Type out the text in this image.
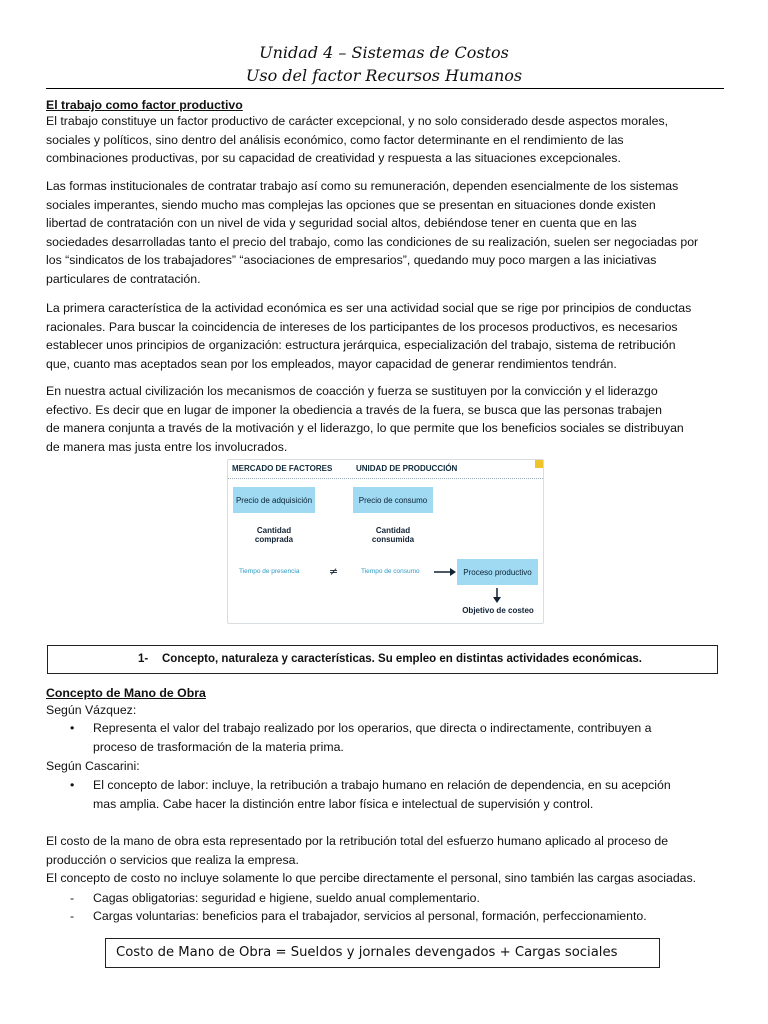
Unidad 4 – Sistemas de Costos
Uso del factor Recursos Humanos
El trabajo como factor productivo
El trabajo constituye un factor productivo de carácter excepcional, y no solo considerado desde aspectos morales,
sociales y políticos, sino dentro del análisis económico, como factor determinante en el rendimiento de las
combinaciones productivas, por su capacidad de creatividad y respuesta a las situaciones excepcionales.
Las formas institucionales de contratar trabajo así como su remuneración, dependen esencialmente de los sistemas
sociales imperantes, siendo mucho mas complejas las opciones que se presentan en situaciones donde existen
libertad de contratación con un nivel de vida y seguridad social altos, debiéndose tener en cuenta que en las
sociedades desarrolladas tanto el precio del trabajo, como las condiciones de su realización, suelen ser negociadas por
los “sindicatos de los trabajadores” “asociaciones de empresarios”, quedando muy poco margen a las iniciativas
particulares de contratación.
La primera característica de la actividad económica es ser una actividad social que se rige por principios de conductas
racionales. Para buscar la coincidencia de intereses de los participantes de los procesos productivos, es necesarios
establecer unos principios de organización: estructura jerárquica, especialización del trabajo, sistema de retribución
que, cuanto mas aceptados sean por los empleados, mayor capacidad de generar rendimientos tendrán.
En nuestra actual civilización los mecanismos de coacción y fuerza se sustituyen por la convicción y el liderazgo
efectivo. Es decir que en lugar de imponer la obediencia a través de la fuera, se busca que las personas trabajen
de manera conjunta a través de la motivación y el liderazgo, lo que permite que los beneficios sociales se distribuyan
de manera mas justa entre los involucrados.
MERCADO DE FACTORES	UNIDAD DE PRODUCCIÓN
Precio de adquisición	Precio de consumo
Cantidad comprada
Cantidad consumida
Tiempo de presencia	≠	Tiempo de consumo	Proceso productivo
Objetivo de costeo
1- Concepto, naturaleza y características. Su empleo en distintas actividades económicas.
Concepto de Mano de Obra
Según Vázquez:
•	Representa el valor del trabajo realizado por los operarios, que directa o indirectamente, contribuyen a
proceso de trasformación de la materia prima.
Según Cascarini:
•	El concepto de labor: incluye, la retribución a trabajo humano en relación de dependencia, en su acepción
mas amplia. Cabe hacer la distinción entre labor física e intelectual de supervisión y control.
El costo de la mano de obra esta representado por la retribución total del esfuerzo humano aplicado al proceso de
producción o servicios que realiza la empresa.
El concepto de costo no incluye solamente lo que percibe directamente el personal, sino también las cargas asociadas.
- Cagas obligatorias: seguridad e higiene, sueldo anual complementario.
- Cargas voluntarias: beneficios para el trabajador, servicios al personal, formación, perfeccionamiento.
Costo de Mano de Obra = Sueldos y jornales devengados + Cargas sociales
